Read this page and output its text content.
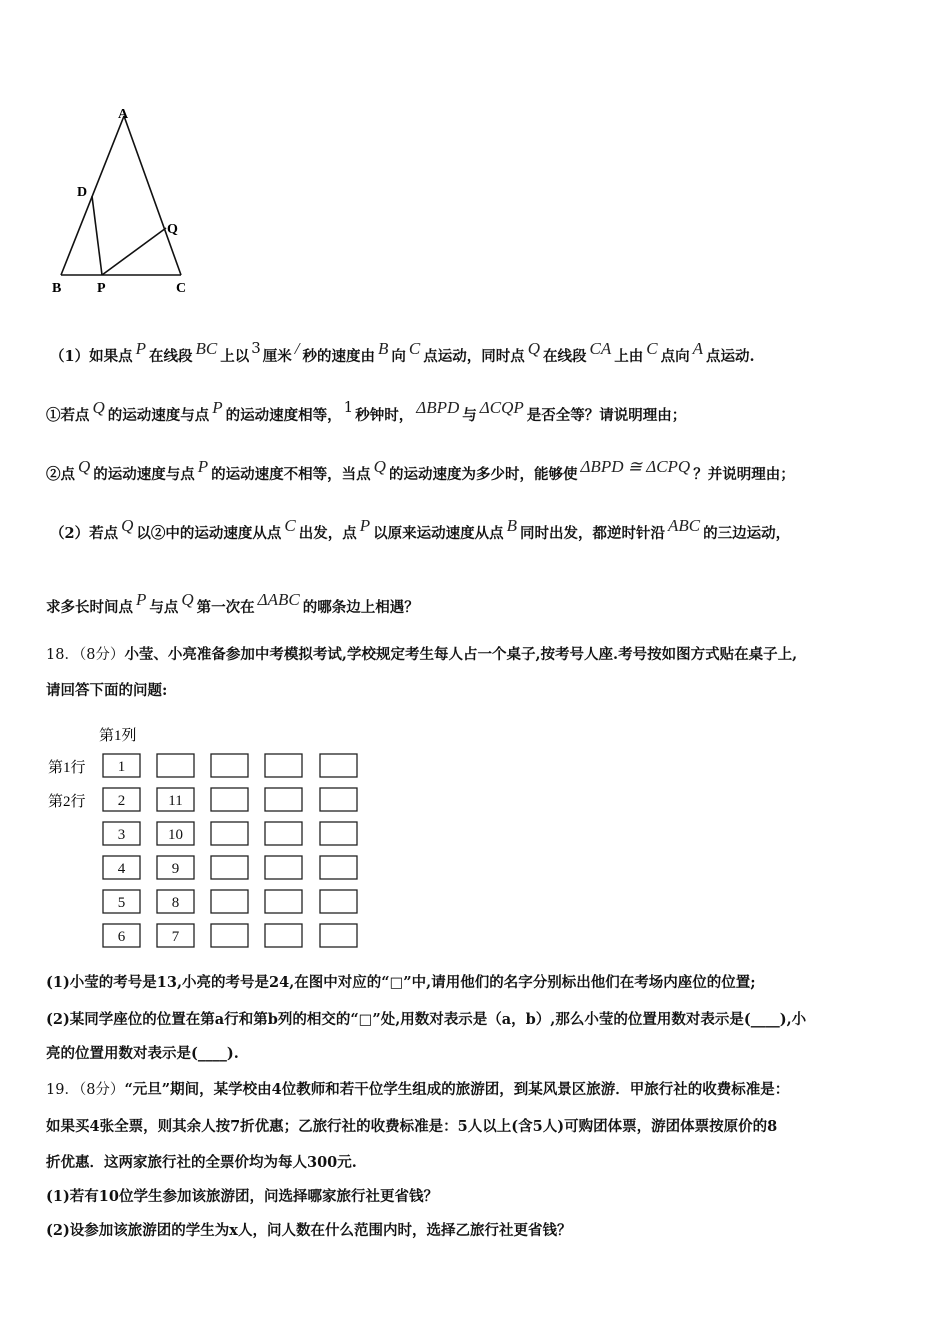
A
D
Q
B	P	C
（1）如果点 P 在线段 BC 上以 3 厘米 / 秒的速度由 B 向 C 点运动，同时点 Q 在线段 CA 上由 C 点向 A 点运动.
①若点 Q 的运动速度与点 P 的运动速度相等， 1 秒钟时， ΔBPD 与 ΔCQP 是否全等？请说明理由；
②点 Q 的运动速度与点 P 的运动速度不相等，当点 Q 的运动速度为多少时，能够使 ΔBPD ≅ ΔCPQ ？并说明理由；
（2）若点 Q 以②中的运动速度从点 C 出发，点 P 以原来运动速度从点 B 同时出发，都逆时针沿 ABC 的三边运动，
求多长时间点 P 与点 Q 第一次在 ΔABC 的哪条边上相遇？
18．（8分）小莹、小亮准备参加中考模拟考试,学校规定考生每人占一个桌子,按考号人座.考号按如图方式贴在桌子上,
请回答下面的问题:
第1列
第1行
第2行
1
2	11
3	10
4	9
5	8
6	7
(1)小莹的考号是13,小亮的考号是24,在图中对应的“□”中,请用他们的名字分别标出他们在考场内座位的位置;
(2)某同学座位的位置在第a行和第b列的相交的“□”处,用数对表示是（a，b）,那么小莹的位置用数对表示是(____),小
亮的位置用数对表示是(____).
19．（8分）“元旦”期间，某学校由4位教师和若干位学生组成的旅游团，到某风景区旅游．甲旅行社的收费标准是：
如果买4张全票，则其余人按7折优惠；乙旅行社的收费标准是：5人以上(含5人)可购团体票，游团体票按原价的8
折优惠．这两家旅行社的全票价均为每人300元.
(1)若有10位学生参加该旅游团，问选择哪家旅行社更省钱？
(2)设参加该旅游团的学生为x人，问人数在什么范围内时，选择乙旅行社更省钱？
